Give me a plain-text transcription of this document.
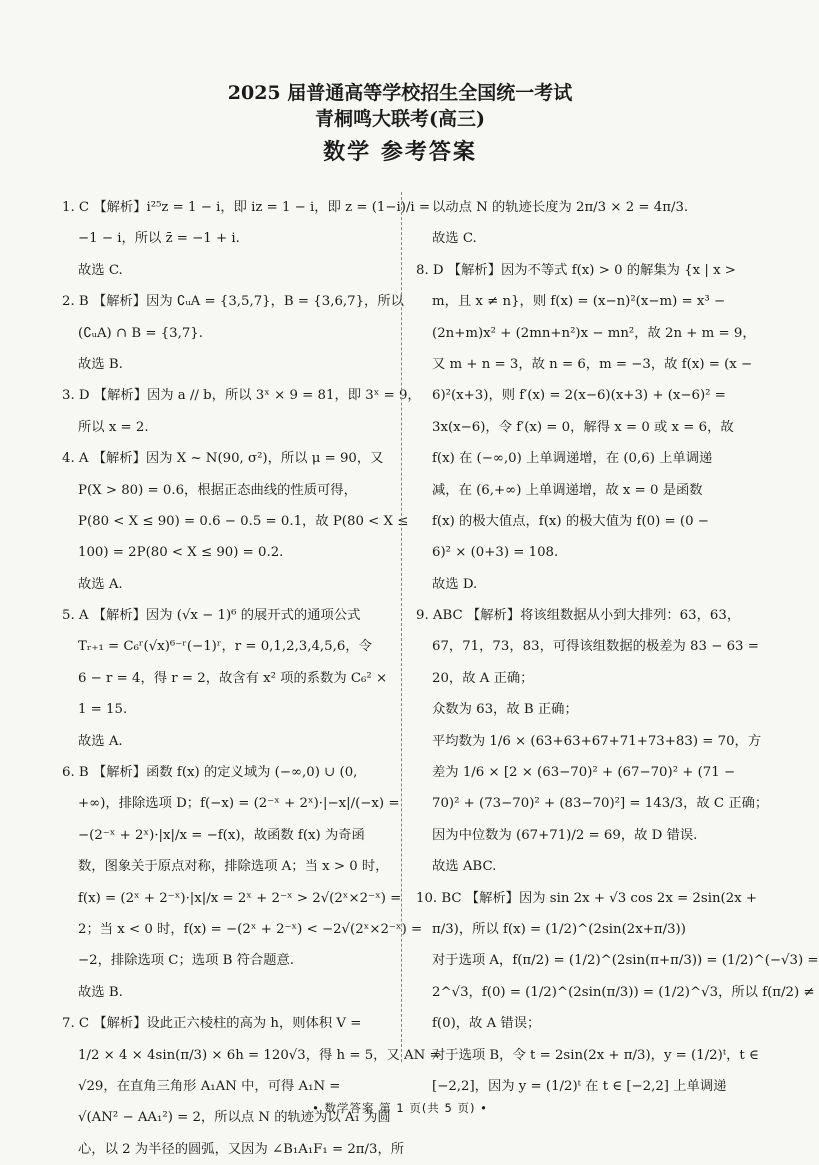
2025 届普通高等学校招生全国统一考试
青桐鸣大联考(高三)
数学 参考答案
1. C 【解析】i²⁵z = 1 − i，即 iz = 1 − i，即 z = (1−i)/i =
−1 − i，所以 z̄ = −1 + i.
故选 C.
2. B 【解析】因为 ∁ᵤA = {3,5,7}，B = {3,6,7}，所以
(∁ᵤA) ∩ B = {3,7}.
故选 B.
3. D 【解析】因为 a // b，所以 3ˣ × 9 = 81，即 3ˣ = 9，
所以 x = 2.
4. A 【解析】因为 X ~ N(90, σ²)，所以 μ = 90，又
P(X > 80) = 0.6，根据正态曲线的性质可得，
P(80 < X ≤ 90) = 0.6 − 0.5 = 0.1，故 P(80 < X ≤
100) = 2P(80 < X ≤ 90) = 0.2.
故选 A.
5. A 【解析】因为 (√x − 1)⁶ 的展开式的通项公式
Tᵣ₊₁ = C₆ʳ(√x)⁶⁻ʳ(−1)ʳ，r = 0,1,2,3,4,5,6，令
6 − r = 4，得 r = 2，故含有 x² 项的系数为 C₆² ×
1 = 15.
故选 A.
6. B 【解析】函数 f(x) 的定义域为 (−∞,0) ∪ (0,
+∞)，排除选项 D；f(−x) = (2⁻ˣ + 2ˣ)·|−x|/(−x) =
−(2⁻ˣ + 2ˣ)·|x|/x = −f(x)，故函数 f(x) 为奇函
数，图象关于原点对称，排除选项 A；当 x > 0 时，
f(x) = (2ˣ + 2⁻ˣ)·|x|/x = 2ˣ + 2⁻ˣ > 2√(2ˣ×2⁻ˣ) =
2；当 x < 0 时，f(x) = −(2ˣ + 2⁻ˣ) < −2√(2ˣ×2⁻ˣ) =
−2，排除选项 C；选项 B 符合题意.
故选 B.
7. C 【解析】设此正六棱柱的高为 h，则体积 V =
1/2 × 4 × 4sin(π/3) × 6h = 120√3，得 h = 5，又 AN =
√29，在直角三角形 A₁AN 中，可得 A₁N =
√(AN² − AA₁²) = 2，所以点 N 的轨迹为以 A₁ 为圆
心，以 2 为半径的圆弧，又因为 ∠B₁A₁F₁ = 2π/3，所
以动点 N 的轨迹长度为 2π/3 × 2 = 4π/3.
故选 C.
8. D 【解析】因为不等式 f(x) > 0 的解集为 {x | x >
m，且 x ≠ n}，则 f(x) = (x−n)²(x−m) = x³ −
(2n+m)x² + (2mn+n²)x − mn²，故 2n + m = 9，
又 m + n = 3，故 n = 6，m = −3，故 f(x) = (x −
6)²(x+3)，则 f′(x) = 2(x−6)(x+3) + (x−6)² =
3x(x−6)，令 f′(x) = 0，解得 x = 0 或 x = 6，故
f(x) 在 (−∞,0) 上单调递增，在 (0,6) 上单调递
减，在 (6,+∞) 上单调递增，故 x = 0 是函数
f(x) 的极大值点，f(x) 的极大值为 f(0) = (0 −
6)² × (0+3) = 108.
故选 D.
9. ABC 【解析】将该组数据从小到大排列：63，63，
67，71，73，83，可得该组数据的极差为 83 − 63 =
20，故 A 正确；
众数为 63，故 B 正确；
平均数为 1/6 × (63+63+67+71+73+83) = 70，方
差为 1/6 × [2 × (63−70)² + (67−70)² + (71 −
70)² + (73−70)² + (83−70)²] = 143/3，故 C 正确；
因为中位数为 (67+71)/2 = 69，故 D 错误.
故选 ABC.
10. BC 【解析】因为 sin 2x + √3 cos 2x = 2sin(2x +
π/3)，所以 f(x) = (1/2)^(2sin(2x+π/3))
对于选项 A，f(π/2) = (1/2)^(2sin(π+π/3)) = (1/2)^(−√3) =
2^√3，f(0) = (1/2)^(2sin(π/3)) = (1/2)^√3，所以 f(π/2) ≠
f(0)，故 A 错误；
对于选项 B，令 t = 2sin(2x + π/3)，y = (1/2)ᵗ，t ∈
[−2,2]，因为 y = (1/2)ᵗ 在 t ∈ [−2,2] 上单调递
• 数学答案 第 1 页(共 5 页) •
